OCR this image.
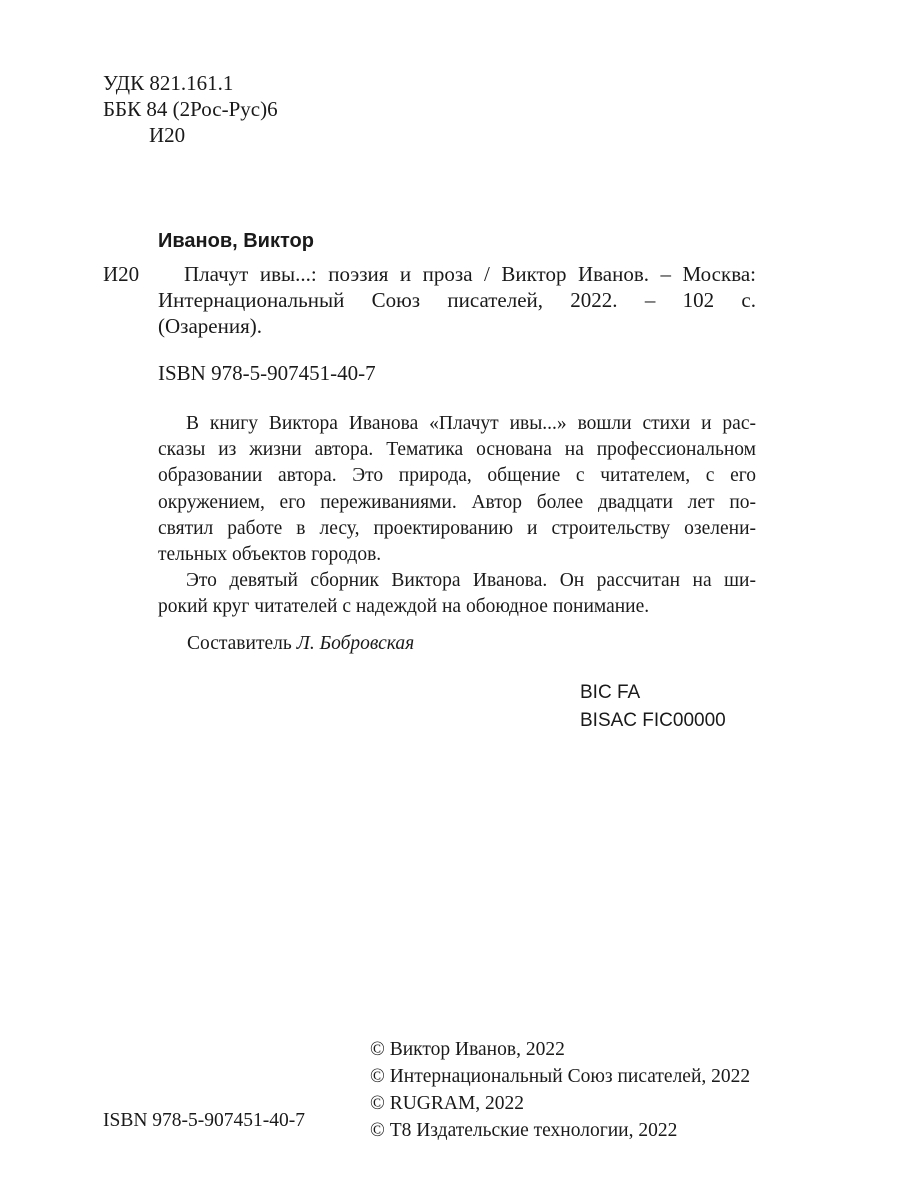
УДК 821.161.1
ББК 84 (2Рос-Рус)6
И20
Иванов, Виктор
И20	Плачут ивы...: поэзия и проза / Виктор Иванов. – Москва:
Интернациональный Союз писателей, 2022. – 102 с.
(Озарения).
ISBN 978-5-907451-40-7
В книгу Виктора Иванова «Плачут ивы...» вошли стихи и рас-
сказы из жизни автора. Тематика основана на профессиональном
образовании автора. Это природа, общение с читателем, с его
окружением, его переживаниями. Автор более двадцати лет по-
святил работе в лесу, проектированию и строительству озелени-
тельных объектов городов.
Это девятый сборник Виктора Иванова. Он рассчитан на ши-
рокий круг читателей с надеждой на обоюдное понимание.
Составитель Л. Бобровская
BIC FA
BISAC FIC00000
© Виктор Иванов, 2022
© Интернациональный Союз писателей, 2022
© RUGRAM, 2022
© Т8 Издательские технологии, 2022
ISBN 978-5-907451-40-7
